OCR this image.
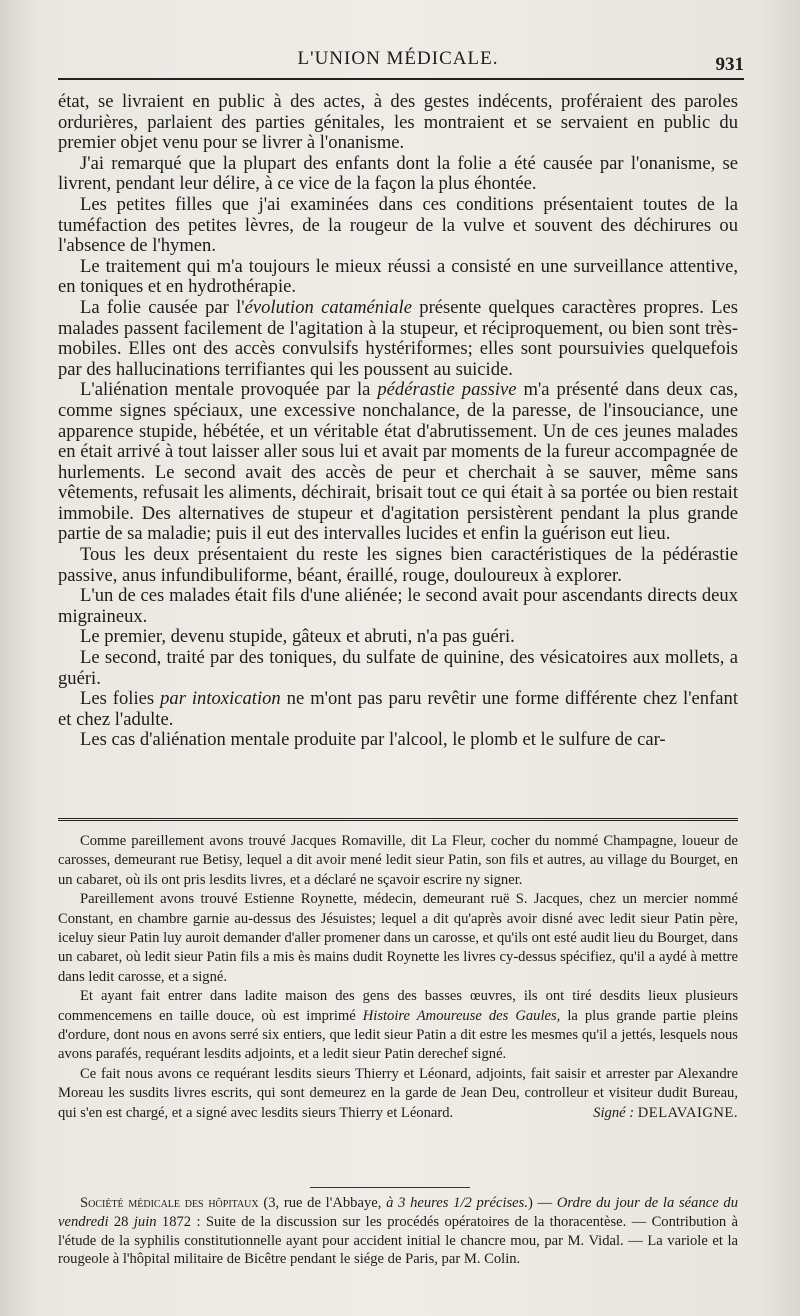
L'UNION MÉDICALE.	931

état, se livraient en public à des actes, à des gestes indécents, proféraient des paroles ordurières, parlaient des parties génitales, les montraient et se servaient en public du premier objet venu pour se livrer à l'onanisme.

J'ai remarqué que la plupart des enfants dont la folie a été causée par l'onanisme, se livrent, pendant leur délire, à ce vice de la façon la plus éhontée.

Les petites filles que j'ai examinées dans ces conditions présentaient toutes de la tuméfaction des petites lèvres, de la rougeur de la vulve et souvent des déchirures ou l'absence de l'hymen.

Le traitement qui m'a toujours le mieux réussi a consisté en une surveillance attentive, en toniques et en hydrothérapie.

La folie causée par l'évolution cataméniale présente quelques caractères propres. Les malades passent facilement de l'agitation à la stupeur, et réciproquement, ou bien sont très-mobiles. Elles ont des accès convulsifs hystériformes; elles sont poursuivies quelquefois par des hallucinations terrifiantes qui les poussent au suicide.

L'aliénation mentale provoquée par la pédérastie passive m'a présenté dans deux cas, comme signes spéciaux, une excessive nonchalance, de la paresse, de l'insouciance, une apparence stupide, hébétée, et un véritable état d'abrutissement. Un de ces jeunes malades en était arrivé à tout laisser aller sous lui et avait par moments de la fureur accompagnée de hurlements. Le second avait des accès de peur et cherchait à se sauver, même sans vêtements, refusait les aliments, déchirait, brisait tout ce qui était à sa portée ou bien restait immobile. Des alternatives de stupeur et d'agitation persistèrent pendant la plus grande partie de sa maladie; puis il eut des intervalles lucides et enfin la guérison eut lieu.

Tous les deux présentaient du reste les signes bien caractéristiques de la pédérastie passive, anus infundibuliforme, béant, éraillé, rouge, douloureux à explorer.

L'un de ces malades était fils d'une aliénée; le second avait pour ascendants directs deux migraineux.

Le premier, devenu stupide, gâteux et abruti, n'a pas guéri.

Le second, traité par des toniques, du sulfate de quinine, des vésicatoires aux mollets, a guéri.

Les folies par intoxication ne m'ont pas paru revêtir une forme différente chez l'enfant et chez l'adulte.

Les cas d'aliénation mentale produite par l'alcool, le plomb et le sulfure de car-

Comme pareillement avons trouvé Jacques Romaville, dit La Fleur, cocher du nommé Champagne, loueur de carosses, demeurant rue Betisy, lequel a dit avoir mené ledit sieur Patin, son fils et autres, au village du Bourget, en un cabaret, où ils ont pris lesdits livres, et a déclaré ne sçavoir escrire ny signer.

Pareillement avons trouvé Estienne Roynette, médecin, demeurant ruë S. Jacques, chez un mercier nommé Constant, en chambre garnie au-dessus des Jésuistes; lequel a dit qu'après avoir disné avec ledit sieur Patin père, iceluy sieur Patin luy auroit demander d'aller promener dans un carosse, et qu'ils ont esté audit lieu du Bourget, dans un cabaret, où ledit sieur Patin fils a mis ès mains dudit Roynette les livres cy-dessus spécifiez, qu'il a aydé à mettre dans ledit carosse, et a signé.

Et ayant fait entrer dans ladite maison des gens des basses œuvres, ils ont tiré desdits lieux plusieurs commencemens en taille douce, où est imprimé Histoire Amoureuse des Gaules, la plus grande partie pleins d'ordure, dont nous en avons serré six entiers, que ledit sieur Patin a dit estre les mesmes qu'il a jettés, lesquels nous avons parafés, requérant lesdits adjoints, et a ledit sieur Patin derechef signé.

Ce fait nous avons ce requérant lesdits sieurs Thierry et Léonard, adjoints, fait saisir et arrester par Alexandre Moreau les susdits livres escrits, qui sont demeurez en la garde de Jean Deu, controlleur et visiteur dudit Bureau, qui s'en est chargé, et a signé avec lesdits sieurs Thierry et Léonard.	Signé : DELAVAIGNE.

Société médicale des hôpitaux (3, rue de l'Abbaye, à 3 heures 1/2 précises.) — Ordre du jour de la séance du vendredi 28 juin 1872 : Suite de la discussion sur les procédés opératoires de la thoracentèse. — Contribution à l'étude de la syphilis constitutionnelle ayant pour accident initial le chancre mou, par M. Vidal. — La variole et la rougeole à l'hôpital militaire de Bicêtre pendant le siége de Paris, par M. Colin.
